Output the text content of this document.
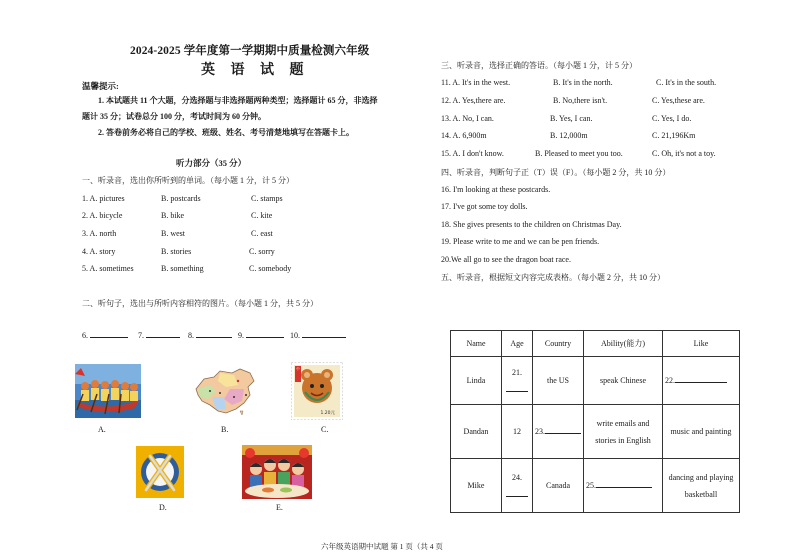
2024-2025 学年度第一学期期中质量检测六年级
英 语 试 题
温馨提示:
1. 本试题共 11 个大题，分选择题与非选择题两种类型；选择题计 65 分，非选择
题计 35 分；试卷总分 100 分，考试时间为 60 分钟。
2. 答卷前务必将自己的学校、班级、姓名、考号清楚地填写在答题卡上。
听力部分（35 分）
一、听录音，选出你所听到的单词。（每小题 1 分，计 5 分）
1. A. pictures	B. postcards	C. stamps
2. A. bicycle	B. bike	C. kite
3. A. north	B. west	C. east
4. A. story	B. stories	C. sorry
5. A. sometimes	B. something	C. somebody
二、听句子，选出与所听内容相符的图片。（每小题 1 分，共 5 分）
6.	7.	8.	9.	10.
A.	B.
中
1.20元
C.
D.	E.
三、听录音，选择正确的答语。（每小题 1 分，计 5 分）
11. A. It's in the west.	B. It's in the north.	C. It's in the south.
12. A. Yes,there are.	B. No,there isn't.	C. Yes,these are.
13. A. No, I can.	B. Yes, I can.	C. Yes, I do.
14. A. 6,900m	B. 12,000m	C. 21,196Km
15. A. I don't know.	B. Pleased to meet you too.	C. Oh, it's not a toy.
四、听录音，判断句子正（T）误（F）。（每小题 2 分，共 10 分）
16. I'm looking at these postcards.
17. I've got some toy dolls.
18. She gives presents to the children on Christmas Day.
19. Please write to me and we can be pen friends.
20.We all go to see the dragon boat race.
五、听录音，根据短文内容完成表格。（每小题 2 分，共 10 分）
Name	Age	Country	Ability(能力)	Like
Linda	21.	the US	speak Chinese	22.
Dandan	12	23.	write emails and
stories in English	music and painting
Mike	24.	Canada	25.	dancing and playing
basketball
六年级英语期中试题 第 1 页（共 4 页
